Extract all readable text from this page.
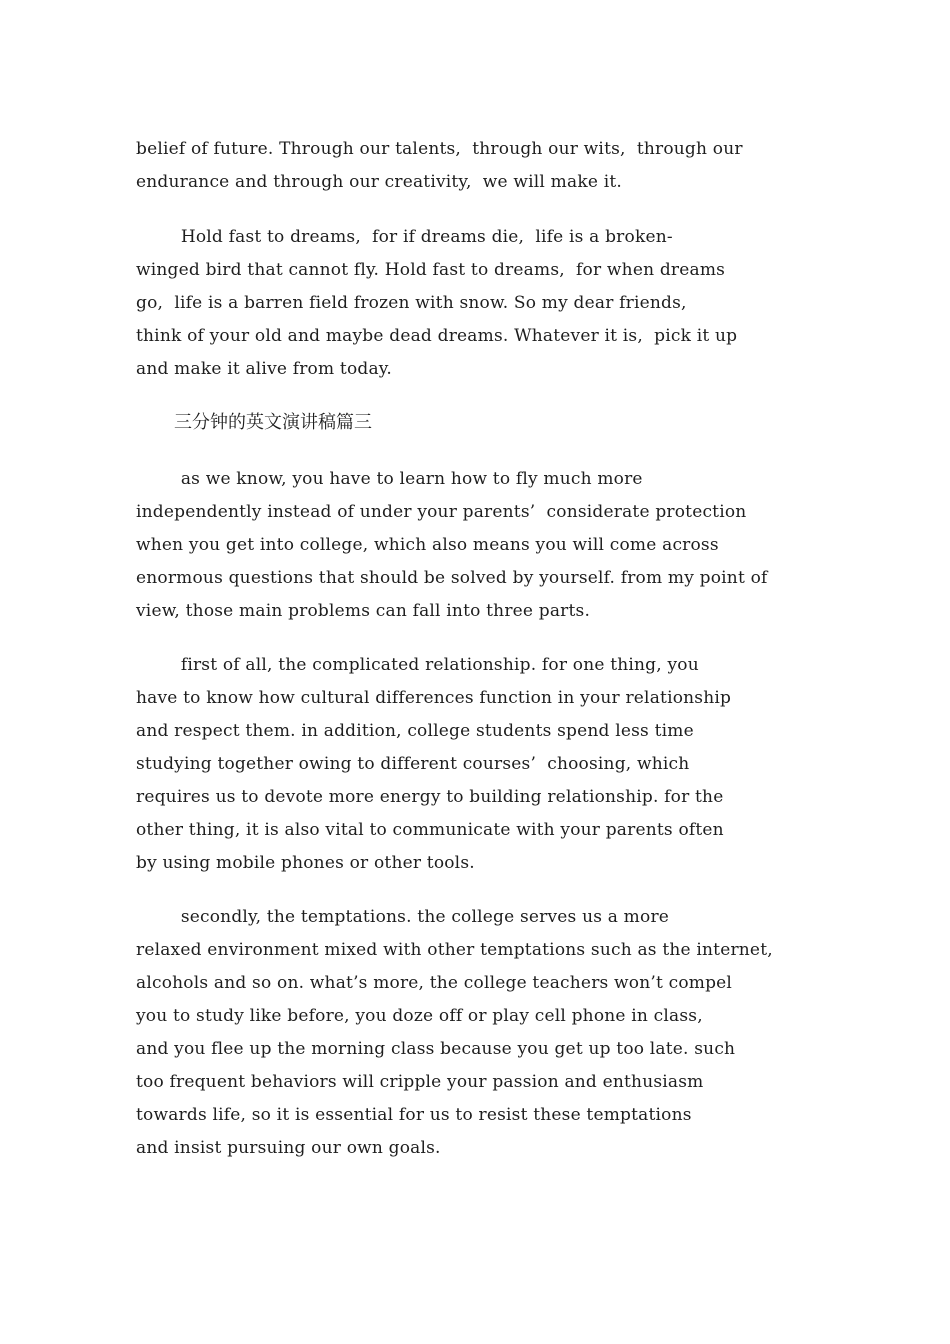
belief of future. Through our talents,  through our wits,  through our
endurance and through our creativity,  we will make it.
Hold fast to dreams,  for if dreams die,  life is a broken-
winged bird that cannot fly. Hold fast to dreams,  for when dreams
go,  life is a barren field frozen with snow. So my dear friends,
think of your old and maybe dead dreams. Whatever it is,  pick it up
and make it alive from today.
三分钟的英文演讲稿篇三
as we know, you have to learn how to fly much more
independently instead of under your parents’  considerate protection
when you get into college, which also means you will come across
enormous questions that should be solved by yourself. from my point of
view, those main problems can fall into three parts.
first of all, the complicated relationship. for one thing, you
have to know how cultural differences function in your relationship
and respect them. in addition, college students spend less time
studying together owing to different courses’  choosing, which
requires us to devote more energy to building relationship. for the
other thing, it is also vital to communicate with your parents often
by using mobile phones or other tools.
secondly, the temptations. the college serves us a more
relaxed environment mixed with other temptations such as the internet,
alcohols and so on. what’s more, the college teachers won’t compel
you to study like before, you doze off or play cell phone in class,
and you flee up the morning class because you get up too late. such
too frequent behaviors will cripple your passion and enthusiasm
towards life, so it is essential for us to resist these temptations
and insist pursuing our own goals.
